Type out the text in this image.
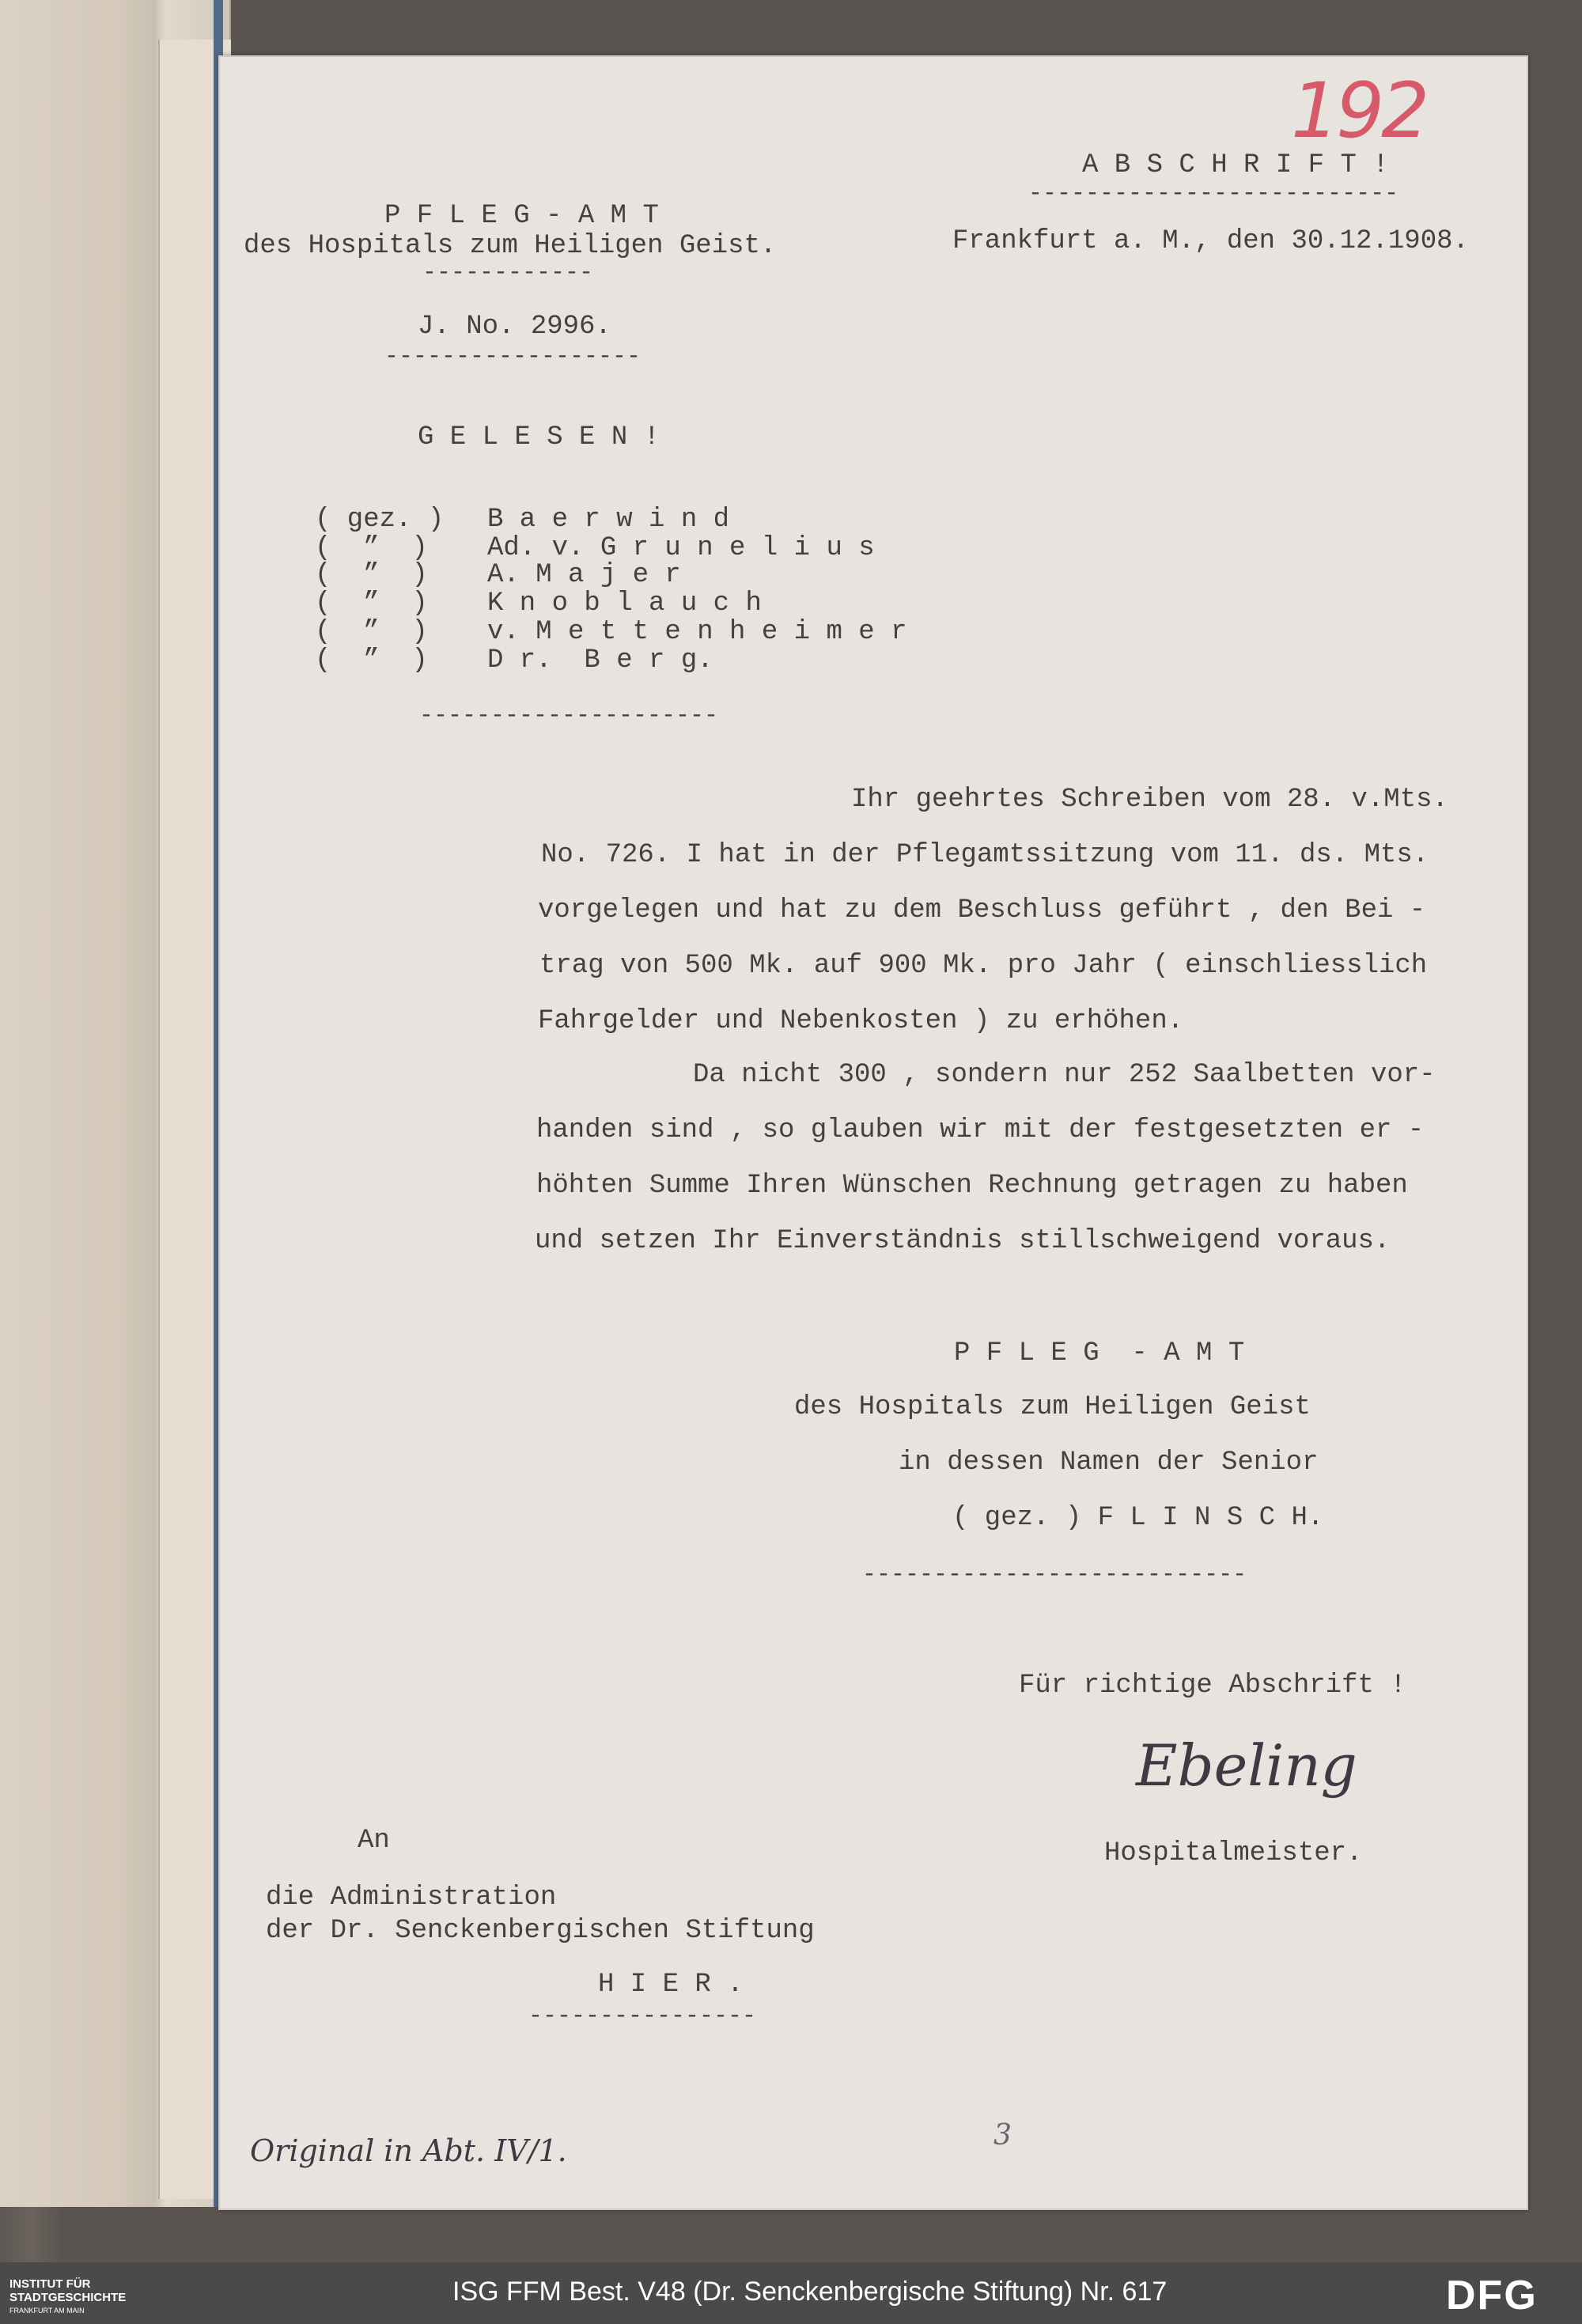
192
A B S C H R I F T !
--------------------------
P F L E G - A M T
des Hospitals zum Heiligen Geist.
------------
Frankfurt a. M., den 30.12.1908.
J. No. 2996.
------------------
G E L E S E N !
( gez. ) B a e r w i n d
(  ”  ) Ad. v. G r u n e l i u s
(  ”  ) A. M a j e r
(  ”  ) K n o b l a u c h
(  ”  ) v. M e t t e n h e i m e r
(  ”  ) D r.  B e r g.
---------------------
Ihr geehrtes Schreiben vom 28. v.Mts.
No. 726. I hat in der Pflegamtssitzung vom 11. ds. Mts.
vorgelegen und hat zu dem Beschluss geführt , den Bei -
trag von 500 Mk. auf 900 Mk. pro Jahr ( einschliesslich
Fahrgelder und Nebenkosten ) zu erhöhen.
Da nicht 300 , sondern nur 252 Saalbetten vor-
handen sind , so glauben wir mit der festgesetzten er -
höhten Summe Ihren Wünschen Rechnung getragen zu haben
und setzen Ihr Einverständnis stillschweigend voraus.
P F L E G  - A M T
des Hospitals zum Heiligen Geist
in dessen Namen der Senior
( gez. ) F L I N S C H.
---------------------------
Für richtige Abschrift !
Ebeling
Hospitalmeister.
An
die Administration
der Dr. Senckenbergischen Stiftung
H I E R .
----------------
Original in Abt. IV/1.	3
INSTITUT FÜR
STADTGESCHICHTE
FRANKFURT AM MAIN
ISG FFM Best. V48 (Dr. Senckenbergische Stiftung) Nr. 617	DFG
